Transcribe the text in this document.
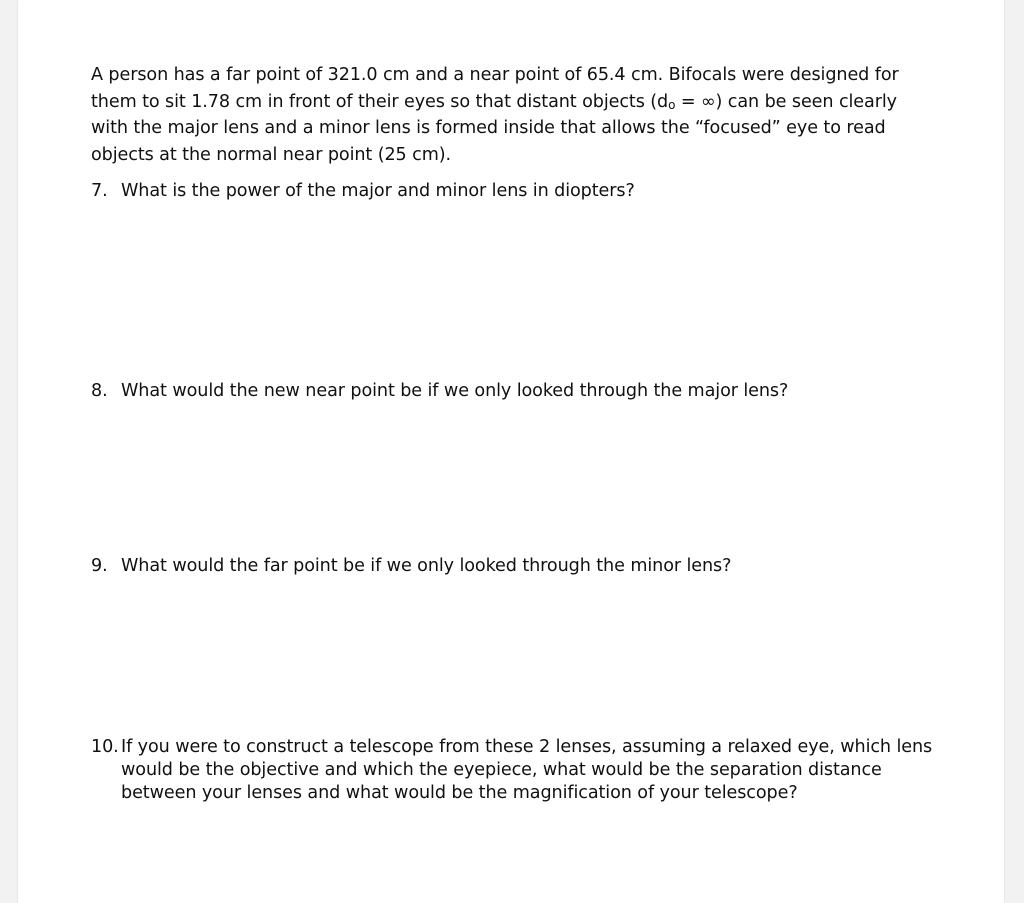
A person has a far point of 321.0 cm and a near point of 65.4 cm. Bifocals were designed for them to sit 1.78 cm in front of their eyes so that distant objects ($d_o$ = ∞) can be seen clearly with the major lens and a minor lens is formed inside that allows the “focused” eye to read objects at the normal near point (25 cm).

7. What is the power of the major and minor lens in diopters?
8. What would the new near point be if we only looked through the major lens?
9. What would the far point be if we only looked through the minor lens?
10. If you were to construct a telescope from these 2 lenses, assuming a relaxed eye, which lens would be the objective and which the eyepiece, what would be the separation distance between your lenses and what would be the magnification of your telescope?
